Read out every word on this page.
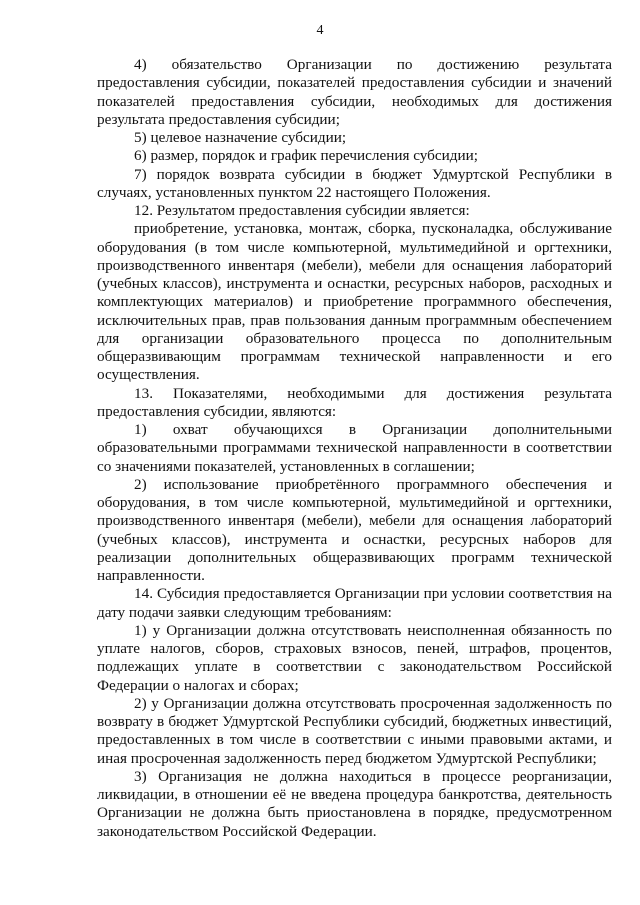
4

4) обязательство Организации по достижению результата предоставления субсидии, показателей предоставления субсидии и значений показателей предоставления субсидии, необходимых для достижения результата предоставления субсидии;

5) целевое назначение субсидии;

6) размер, порядок и график перечисления субсидии;

7) порядок возврата субсидии в бюджет Удмуртской Республики в случаях, установленных пунктом 22 настоящего Положения.

12. Результатом предоставления субсидии является:

приобретение, установка, монтаж, сборка, пусконаладка, обслуживание оборудования (в том числе компьютерной, мультимедийной и оргтехники, производственного инвентаря (мебели), мебели для оснащения лабораторий (учебных классов), инструмента и оснастки, ресурсных наборов, расходных и комплектующих материалов) и приобретение программного обеспечения, исключительных прав, прав пользования данным программным обеспечением для организации образовательного процесса по дополнительным общеразвивающим программам технической направленности и его осуществления.

13. Показателями, необходимыми для достижения результата предоставления субсидии, являются:

1) охват обучающихся в Организации дополнительными образовательными программами технической направленности в соответствии со значениями показателей, установленных в соглашении;

2) использование приобретённого программного обеспечения и оборудования, в том числе компьютерной, мультимедийной и оргтехники, производственного инвентаря (мебели), мебели для оснащения лабораторий (учебных классов), инструмента и оснастки, ресурсных наборов для реализации дополнительных общеразвивающих программ технической направленности.

14. Субсидия предоставляется Организации при условии соответствия на дату подачи заявки следующим требованиям:

1) у Организации должна отсутствовать неисполненная обязанность по уплате налогов, сборов, страховых взносов, пеней, штрафов, процентов, подлежащих уплате в соответствии с законодательством Российской Федерации о налогах и сборах;

2) у Организации должна отсутствовать просроченная задолженность по возврату в бюджет Удмуртской Республики субсидий, бюджетных инвестиций, предоставленных в том числе в соответствии с иными правовыми актами, и иная просроченная задолженность перед бюджетом Удмуртской Республики;

3) Организация не должна находиться в процессе реорганизации, ликвидации, в отношении её не введена процедура банкротства, деятельность Организации не должна быть приостановлена в порядке, предусмотренном законодательством Российской Федерации.
